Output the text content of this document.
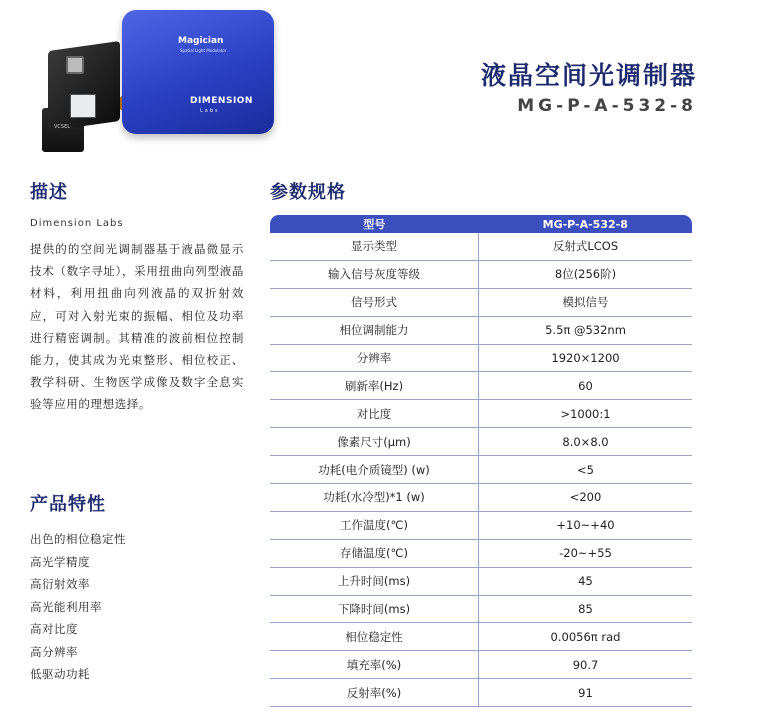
VCSEL
Magician
Spatial Light Modulator
DIMENSION
Labs
液晶空间光调制器
MG-P-A-532-8
描述
Dimension Labs
提供的的空间光调制器基于液晶微显示技术（数字寻址），采用扭曲向列型液晶材料，利用扭曲向列液晶的双折射效应，可对入射光束的振幅、相位及功率进行精密调制。其精准的波前相位控制能力，使其成为光束整形、相位校正、教学科研、生物医学成像及数字全息实验等应用的理想选择。
产品特性
出色的相位稳定性
高光学精度
高衍射效率
高光能利用率
高对比度
高分辨率
低驱动功耗
参数规格
型号	MG-P-A-532-8
显示类型	反射式LCOS
输入信号灰度等级	8位(256阶)
信号形式	模拟信号
相位调制能力	5.5π @532nm
分辨率	1920×1200
刷新率(Hz)	60
对比度	>1000:1
像素尺寸(μm)	8.0×8.0
功耗(电介质镜型) (w)	<5
功耗(水冷型)*1 (w)	<200
工作温度(℃)	+10~+40
存储温度(℃)	-20~+55
上升时间(ms)	45
下降时间(ms)	85
相位稳定性	0.0056π rad
填充率(%)	90.7
反射率(%)	91
